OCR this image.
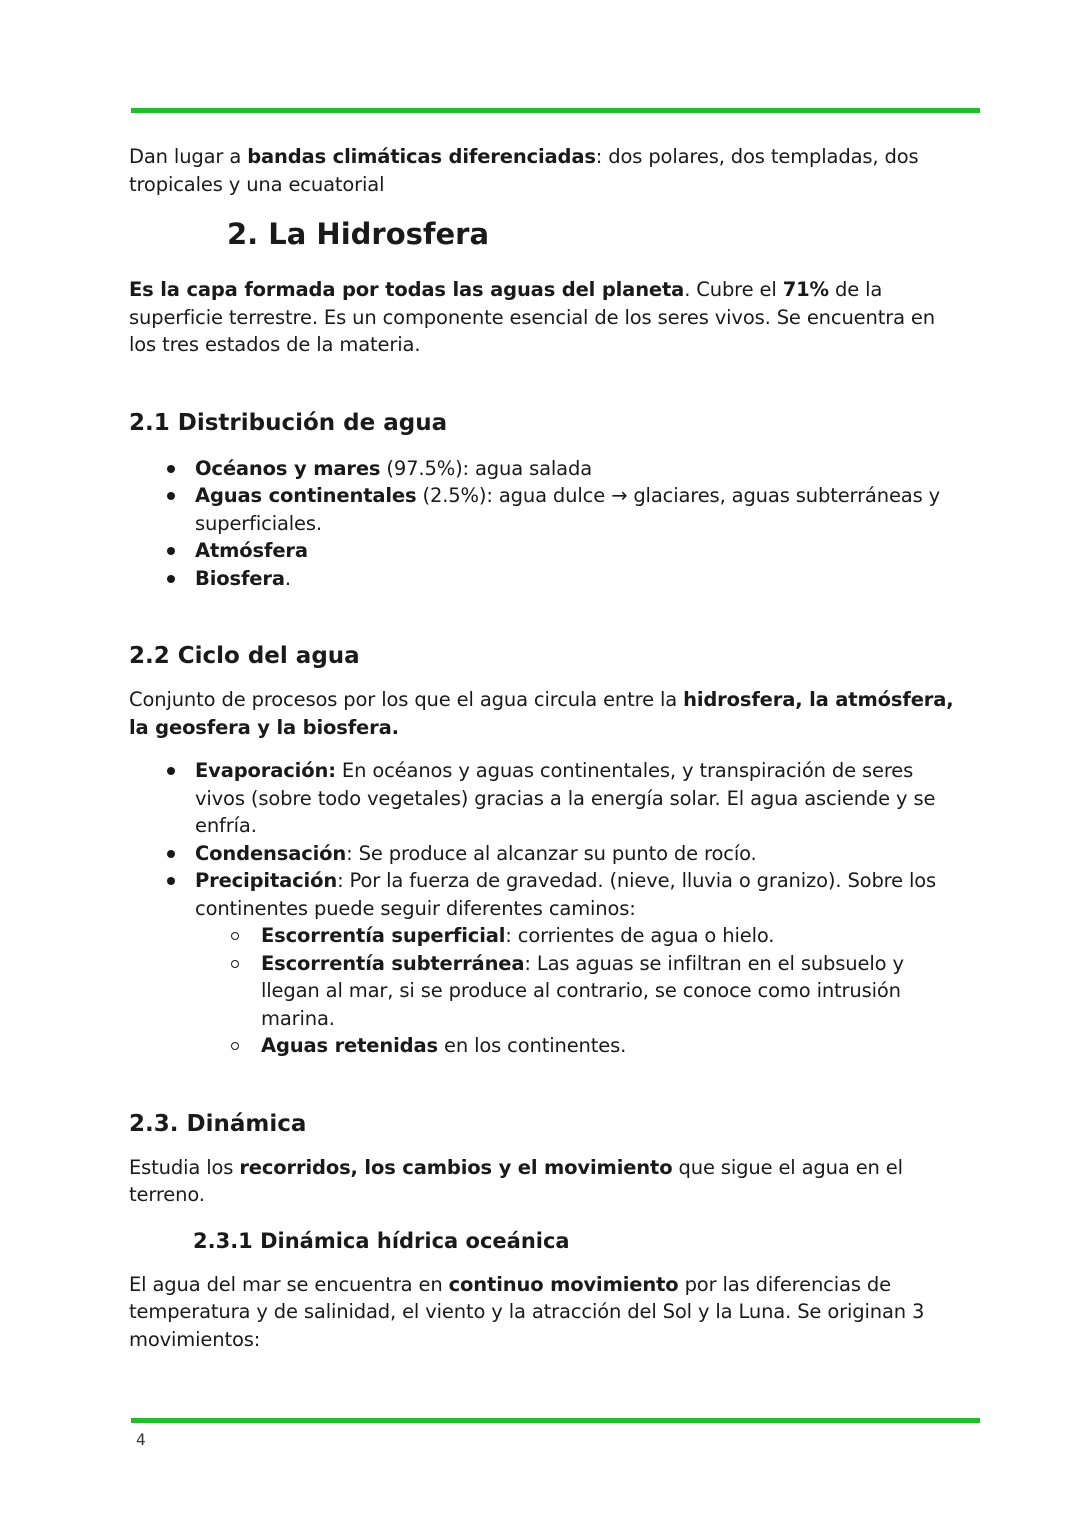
Dan lugar a bandas climáticas diferenciadas: dos polares, dos templadas, dos tropicales y una ecuatorial

2. La Hidrosfera

Es la capa formada por todas las aguas del planeta. Cubre el 71% de la superficie terrestre. Es un componente esencial de los seres vivos. Se encuentra en los tres estados de la materia.

2.1 Distribución de agua
Océanos y mares (97.5%): agua salada
Aguas continentales (2.5%): agua dulce → glaciares, aguas subterráneas y superficiales.
Atmósfera
Biosfera.
2.2 Ciclo del agua

Conjunto de procesos por los que el agua circula entre la hidrosfera, la atmósfera, la geosfera y la biosfera.

Evaporación: En océanos y aguas continentales, y transpiración de seres vivos (sobre todo vegetales) gracias a la energía solar. El agua asciende y se enfría.
Condensación: Se produce al alcanzar su punto de rocío.
Precipitación: Por la fuerza de gravedad. (nieve, lluvia o granizo). Sobre los continentes puede seguir diferentes caminos:
Escorrentía superficial: corrientes de agua o hielo.
Escorrentía subterránea: Las aguas se infiltran en el subsuelo y llegan al mar, si se produce al contrario, se conoce como intrusión marina.
Aguas retenidas en los continentes.
2.3. Dinámica

Estudia los recorridos, los cambios y el movimiento que sigue el agua en el terreno.

2.3.1 Dinámica hídrica oceánica

El agua del mar se encuentra en continuo movimiento por las diferencias de temperatura y de salinidad, el viento y la atracción del Sol y la Luna. Se originan 3 movimientos:

4
